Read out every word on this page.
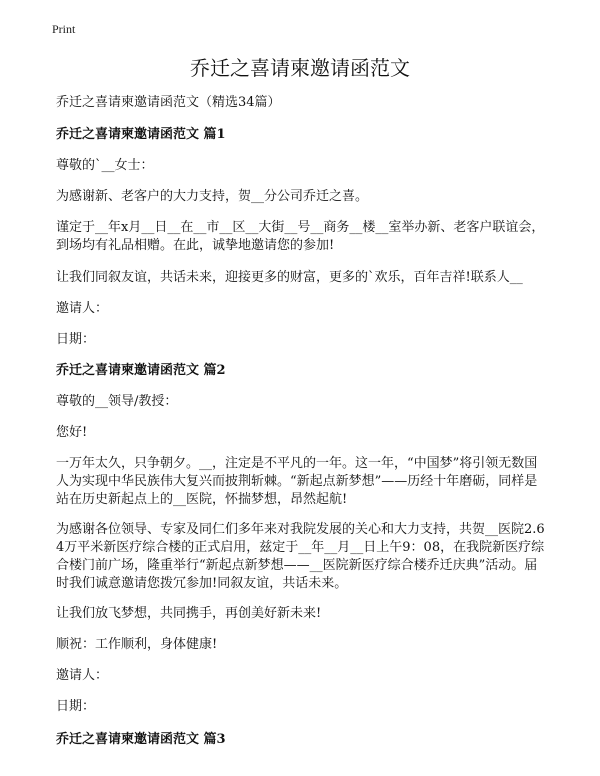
Print
乔迁之喜请柬邀请函范文
乔迁之喜请柬邀请函范文（精选34篇）
乔迁之喜请柬邀请函范文 篇1
尊敬的`__女士：
为感谢新、老客户的大力支持，贺__分公司乔迁之喜。
谨定于__年x月__日__在__市__区__大街__号__商务__楼__室举办新、老客户联谊会，到场均有礼品相赠。在此，诚挚地邀请您的参加!
让我们同叙友谊，共话未来，迎接更多的财富，更多的`欢乐，百年吉祥!联系人__
邀请人：
日期：
乔迁之喜请柬邀请函范文 篇2
尊敬的__领导/教授：
您好!
一万年太久，只争朝夕。__，注定是不平凡的一年。这一年，“中国梦”将引领无数国人为实现中华民族伟大复兴而披荆斩棘。“新起点新梦想”——历经十年磨砺，同样是站在历史新起点上的__医院，怀揣梦想，昂然起航!
为感谢各位领导、专家及同仁们多年来对我院发展的关心和大力支持，共贺__医院2.64万平米新医疗综合楼的正式启用，兹定于__年__月__日上午9：08，在我院新医疗综合楼门前广场，隆重举行“新起点新梦想——__医院新医疗综合楼乔迁庆典”活动。届时我们诚意邀请您拨冗参加!同叙友谊，共话未来。
让我们放飞梦想，共同携手，再创美好新未来!
顺祝：工作顺利，身体健康!
邀请人：
日期：
乔迁之喜请柬邀请函范文 篇3
